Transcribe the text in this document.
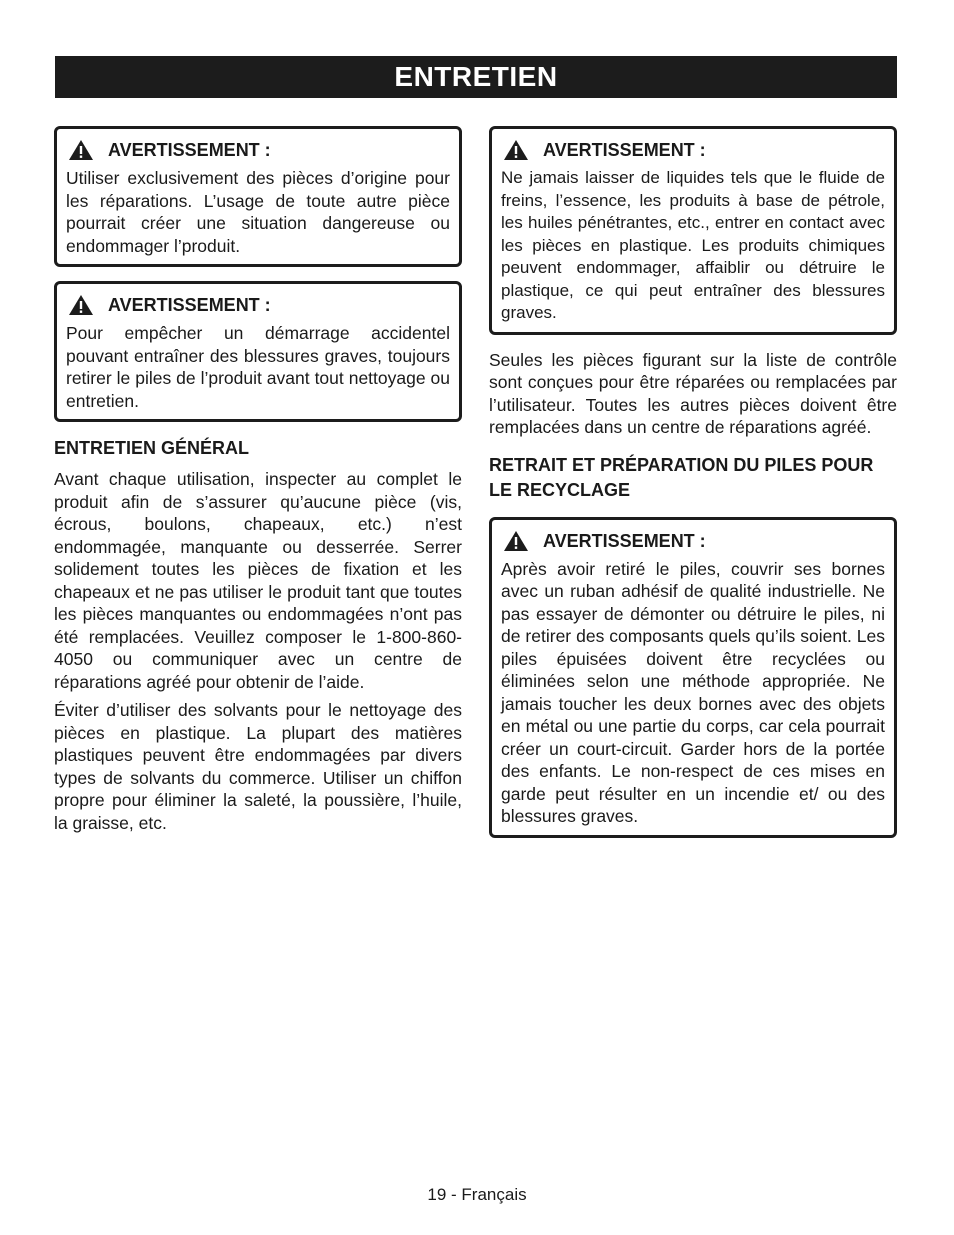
ENTRETIEN
AVERTISSEMENT :

Utiliser exclusivement des pièces d’origine pour les réparations. L’usage de toute autre pièce pourrait créer une situation dangereuse ou endommager l’produit.

AVERTISSEMENT :

Pour empêcher un démarrage accidentel pouvant entraîner des blessures graves, toujours retirer le piles de l’produit avant tout nettoyage ou entretien.

ENTRETIEN GÉNÉRAL

Avant chaque utilisation, inspecter au complet le produit afin de s’assurer qu’aucune pièce (vis, écrous, boulons, chapeaux, etc.) n’est endommagée, manquante ou desserrée. Serrer solidement toutes les pièces de fixation et les chapeaux et ne pas utiliser le produit tant que toutes les pièces manquantes ou endommagées n’ont pas été remplacées. Veuillez composer le 1-800-860-4050 ou communiquer avec un centre de réparations agréé pour obtenir de l’aide.

Éviter d’utiliser des solvants pour le nettoyage des pièces en plastique. La plupart des matières plastiques peuvent être endommagées par divers types de solvants du commerce. Utiliser un chiffon propre pour éliminer la saleté, la poussière, l’huile, la graisse, etc.

AVERTISSEMENT :

Ne jamais laisser de liquides tels que le fluide de freins, l’essence, les produits à base de pétrole, les huiles pénétrantes, etc., entrer en contact avec les pièces en plastique. Les produits chimiques peuvent endommager, affaiblir ou détruire le plastique, ce qui peut entraîner des blessures graves.

Seules les pièces figurant sur la liste de contrôle sont conçues pour être réparées ou remplacées par l’utilisateur. Toutes les autres pièces doivent être remplacées dans un centre de réparations agréé.

RETRAIT ET PRÉPARATION DU PILES POUR LE RECYCLAGE
AVERTISSEMENT :

Après avoir retiré le piles, couvrir ses bornes avec un ruban adhésif de qualité industrielle. Ne pas essayer de démonter ou détruire le piles, ni de retirer des composants quels qu’ils soient. Les piles épuisées doivent être recyclées ou éliminées selon une méthode appropriée. Ne jamais toucher les deux bornes avec des objets en métal ou une partie du corps, car cela pourrait créer un court-circuit. Garder hors de la portée des enfants. Le non-respect de ces mises en garde peut résulter en un incendie et/ ou des blessures graves.

19 - Français
